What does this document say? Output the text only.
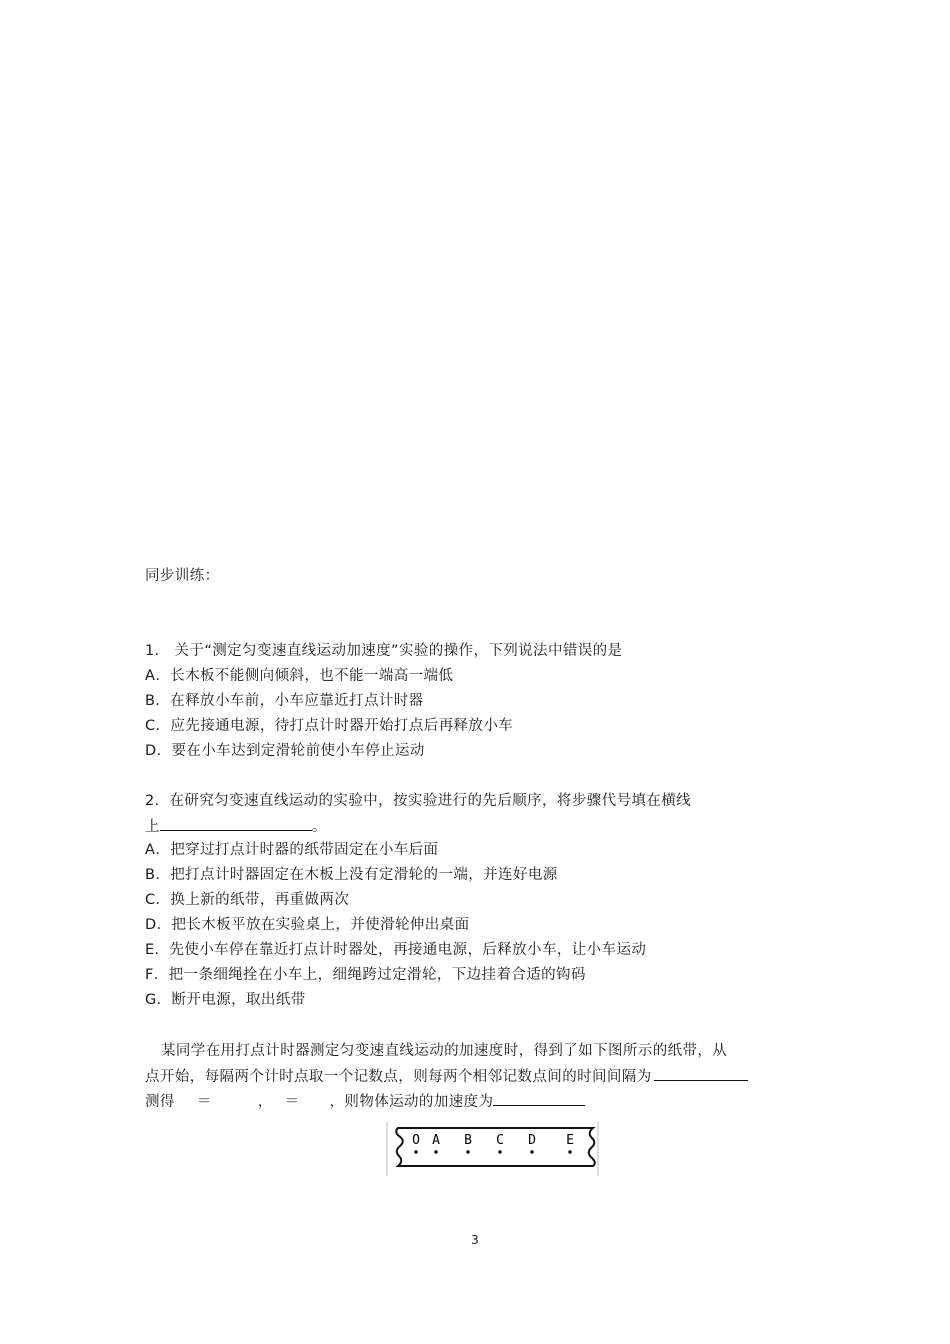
同步训练：
1． 关于“测定匀变速直线运动加速度”实验的操作，下列说法中错误的是
A．长木板不能侧向倾斜，也不能一端高一端低
B．在释放小车前，小车应靠近打点计时器
C．应先接通电源，待打点计时器开始打点后再释放小车
D．要在小车达到定滑轮前使小车停止运动
2．在研究匀变速直线运动的实验中，按实验进行的先后顺序，将步骤代号填在横线
上	。
A．把穿过打点计时器的纸带固定在小车后面
B．把打点计时器固定在木板上没有定滑轮的一端，并连好电源
C．换上新的纸带，再重做两次
D．把长木板平放在实验桌上，并使滑轮伸出桌面
E．先使小车停在靠近打点计时器处，再接通电源，后释放小车，让小车运动
F．把一条细绳拴在小车上，细绳跨过定滑轮，下边挂着合适的钩码
G．断开电源，取出纸带
某同学在用打点计时器测定匀变速直线运动的加速度时，得到了如下图所示的纸带，从
点开始，每隔两个计时点取一个记数点，则每两个相邻记数点间的时间间隔为
测得 ＝	， ＝ ，则物体运动的加速度为
O A B C D E
3
